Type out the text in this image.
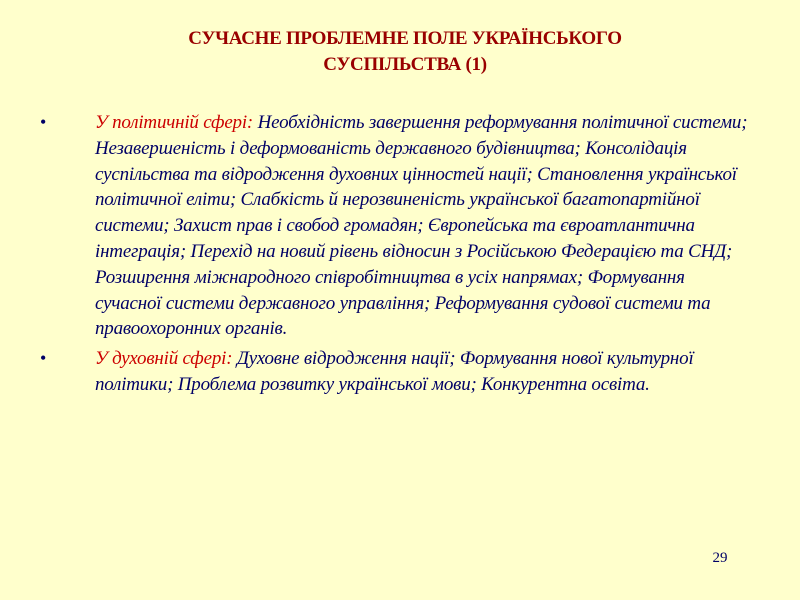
СУЧАСНЕ ПРОБЛЕМНЕ ПОЛЕ УКРАЇНСЬКОГО
СУСПІЛЬСТВА (1)
•	У політичній сфері: Необхідність завершення реформування політичної системи; Незавершеність і деформованість державного будівництва; Консолідація суспільства та відродження духовних цінностей нації; Становлення української політичної еліти; Слабкість й нерозвиненість української багатопартійної системи; Захист прав і свобод громадян; Європейська та євроатлантична інтеграція; Перехід на новий рівень відносин з Російською Федерацією та СНД; Розширення міжнародного співробітництва в усіх напрямах; Формування сучасної системи державного управління; Реформування судової системи та правоохоронних органів.
•	У духовній сфері: Духовне відродження нації; Формування нової культурної політики; Проблема розвитку української мови; Конкурентна освіта.
29
